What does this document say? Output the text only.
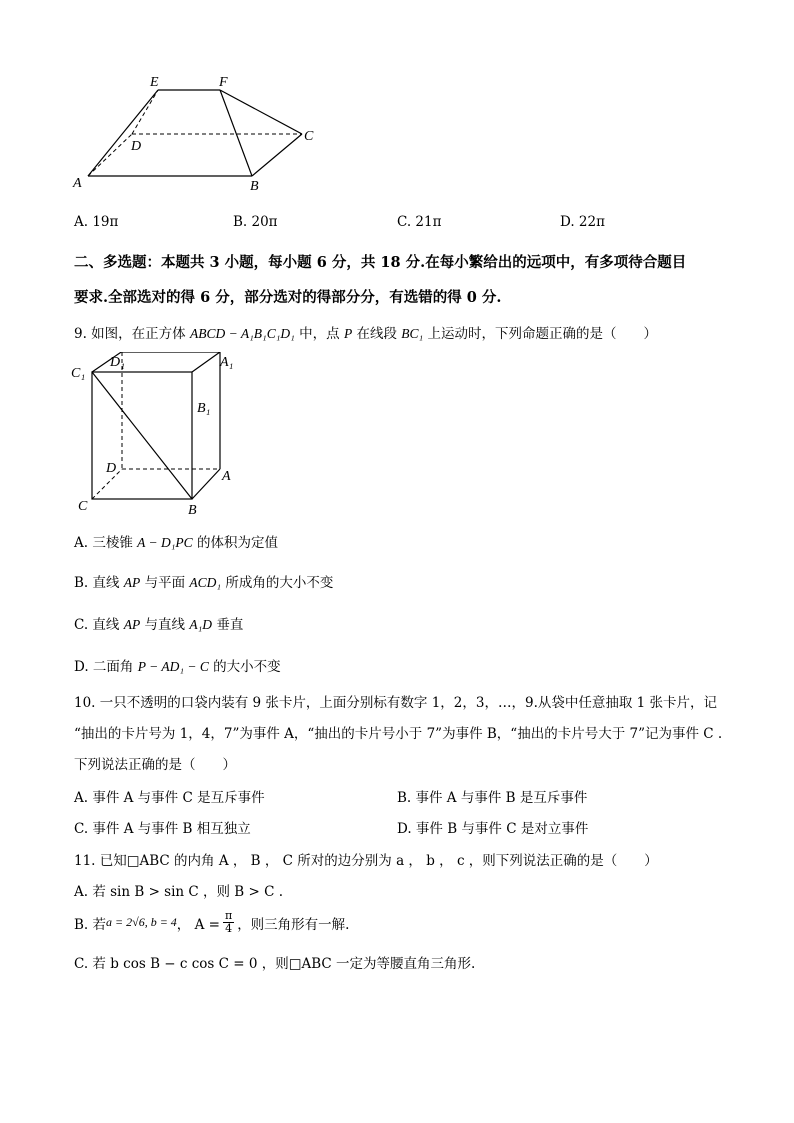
E	F
C
D
A	B
A. 19π	B. 20π	C. 21π	D. 22π
二、多选题：本题共 3 小题，每小题 6 分，共 18 分.在每小繁给出的远项中，有多项待合题目
要求.全部选对的得 6 分，部分选对的得部分分，有选错的得 0 分.
9. 如图，在正方体 ABCD − A₁B₁C₁D₁ 中，点 P 在线段 BC₁ 上运动时，下列命题正确的是（　　）
D₁	A₁
C₁
B₁
D
A
C	B
A. 三棱锥 A − D₁PC 的体积为定值
B. 直线 AP 与平面 ACD₁ 所成角的大小不变
C. 直线 AP 与直线 A₁D 垂直
D. 二面角 P − AD₁ − C 的大小不变
10. 一只不透明的口袋内装有 9 张卡片，上面分别标有数字 1，2，3，…，9.从袋中任意抽取 1 张卡片，记
“抽出的卡片号为 1，4，7”为事件 A，“抽出的卡片号小于 7”为事件 B，“抽出的卡片号大于 7”记为事件 C .
下列说法正确的是（　　）
A. 事件 A 与事件 C 是互斥事件	B. 事件 A 与事件 B 是互斥事件
C. 事件 A 与事件 B 相互独立	D. 事件 B 与事件 C 是对立事件
11. 已知□ABC 的内角 A ， B ， C 所对的边分别为 a ， b ， c ，则下列说法正确的是（　　）
A. 若 sin B > sin C ，则 B > C .
B. 若 a = 2√6, b = 4 ， $A = \frac{\pi}{4}$ ，则三角形有一解.
C. 若 b cos B − c cos C = 0 ，则□ABC 一定为等腰直角三角形.
